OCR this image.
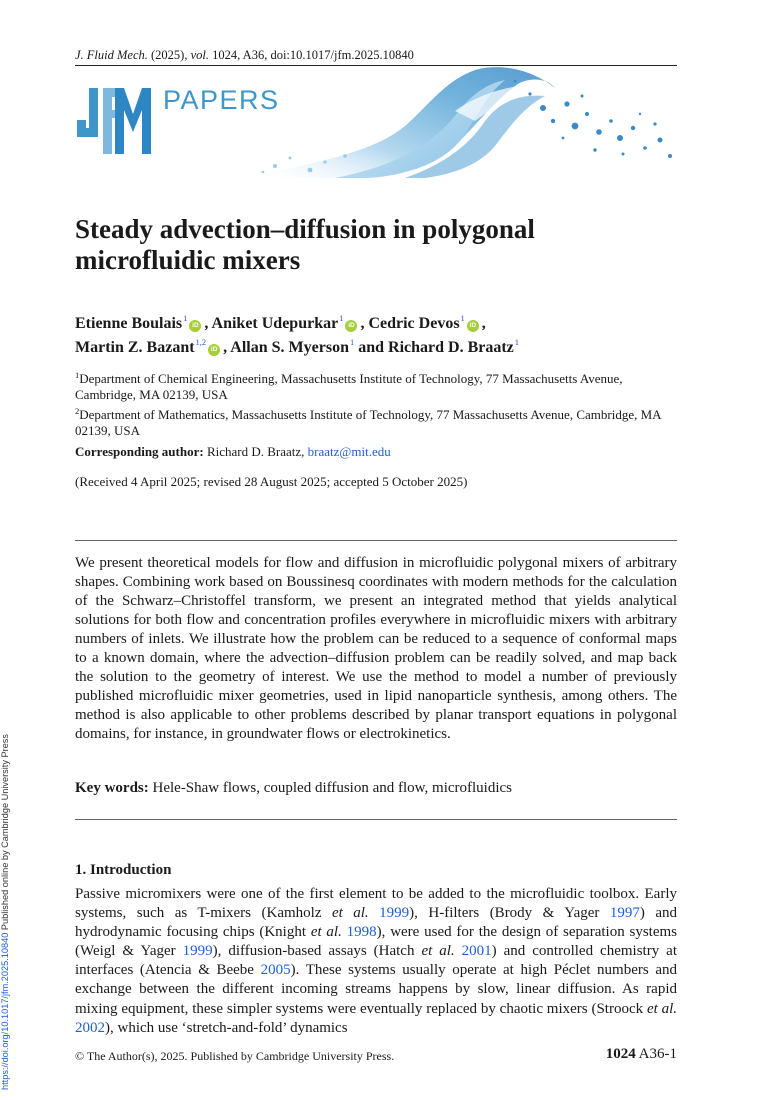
J. Fluid Mech. (2025), vol. 1024, A36, doi:10.1017/jfm.2025.10840
PAPERS
Steady advection–diffusion in polygonal microfluidic mixers
Etienne Boulais$^1$iD , Aniket Udepurkar$^1$iD , Cedric Devos$^1$iD ,
Martin Z. Bazant$^{1,2}$iD , Allan S. Myerson$^1$ and Richard D. Braatz$^1$
$^1$Department of Chemical Engineering, Massachusetts Institute of Technology, 77 Massachusetts Avenue, Cambridge, MA 02139, USA
$^2$Department of Mathematics, Massachusetts Institute of Technology, 77 Massachusetts Avenue, Cambridge, MA 02139, USA
Corresponding author: Richard D. Braatz, braatz@mit.edu
(Received 4 April 2025; revised 28 August 2025; accepted 5 October 2025)
We present theoretical models for flow and diffusion in microfluidic polygonal mixers of arbitrary shapes. Combining work based on Boussinesq coordinates with modern methods for the calculation of the Schwarz–Christoffel transform, we present an integrated method that yields analytical solutions for both flow and concentration profiles everywhere in microfluidic mixers with arbitrary numbers of inlets. We illustrate how the problem can be reduced to a sequence of conformal maps to a known domain, where the advection–diffusion problem can be readily solved, and map back the solution to the geometry of interest. We use the method to model a number of previously published microfluidic mixer geometries, used in lipid nanoparticle synthesis, among others. The method is also applicable to other problems described by planar transport equations in polygonal domains, for instance, in groundwater flows or electrokinetics.
Key words: Hele-Shaw flows, coupled diffusion and flow, microfluidics
1. Introduction
Passive micromixers were one of the first element to be added to the microfluidic toolbox. Early systems, such as T-mixers (Kamholz et al. 1999), H-filters (Brody & Yager 1997) and hydrodynamic focusing chips (Knight et al. 1998), were used for the design of separation systems (Weigl & Yager 1999), diffusion-based assays (Hatch et al. 2001) and controlled chemistry at interfaces (Atencia & Beebe 2005). These systems usually operate at high Péclet numbers and exchange between the different incoming streams happens by slow, linear diffusion. As rapid mixing equipment, these simpler systems were eventually replaced by chaotic mixers (Stroock et al. 2002), which use ‘stretch-and-fold’ dynamics
© The Author(s), 2025. Published by Cambridge University Press.	1024 A36-1
https://doi.org/10.1017/jfm.2025.10840 Published online by Cambridge University Press
